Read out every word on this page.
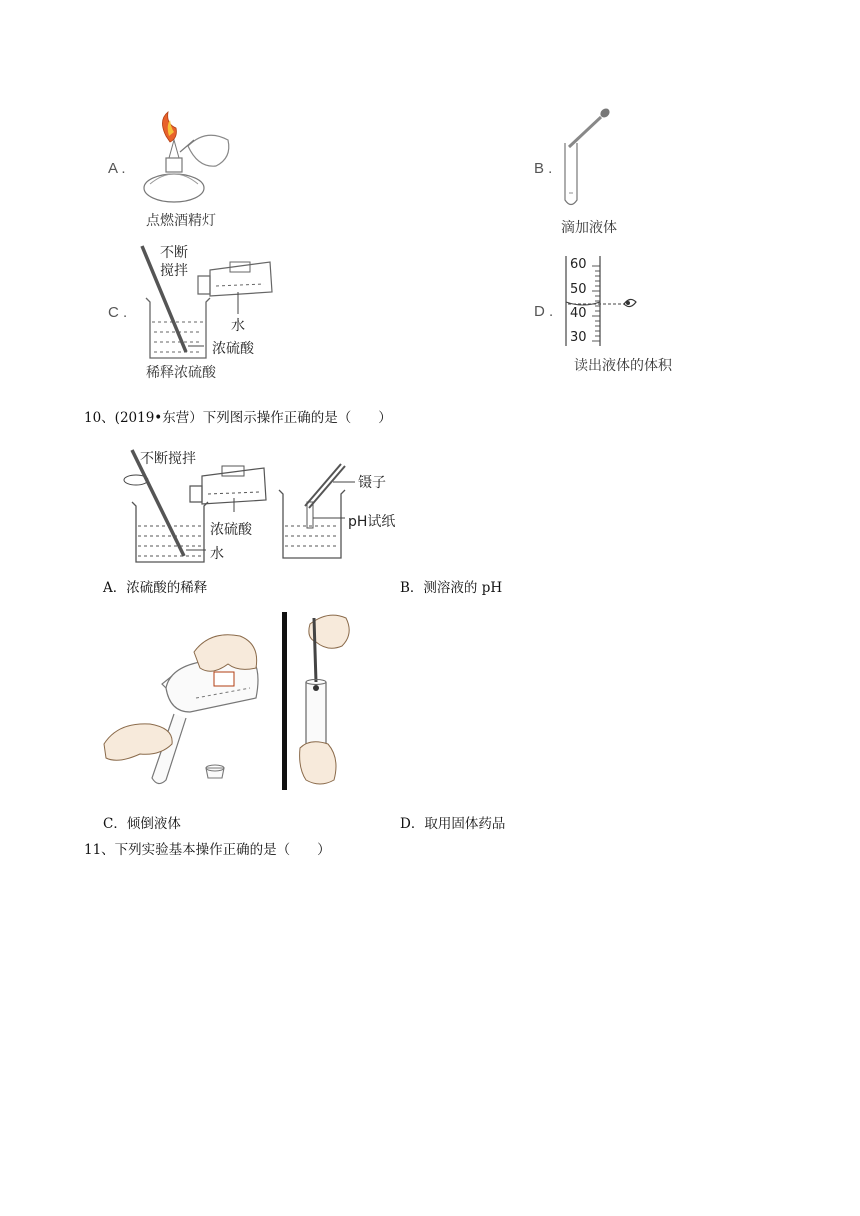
A .
点燃酒精灯
B .
滴加液体
C .
不断
搅拌
水
浓硫酸
稀释浓硫酸
D .
60
50
40
30
读出液体的体积
10、(2019•东营）下列图示操作正确的是（　　）
不断搅拌
浓硫酸
水
镊子
pH试纸
A．浓硫酸的稀释	B．测溶液的 pH
C．倾倒液体	D．取用固体药品
11、下列实验基本操作正确的是（　　）
